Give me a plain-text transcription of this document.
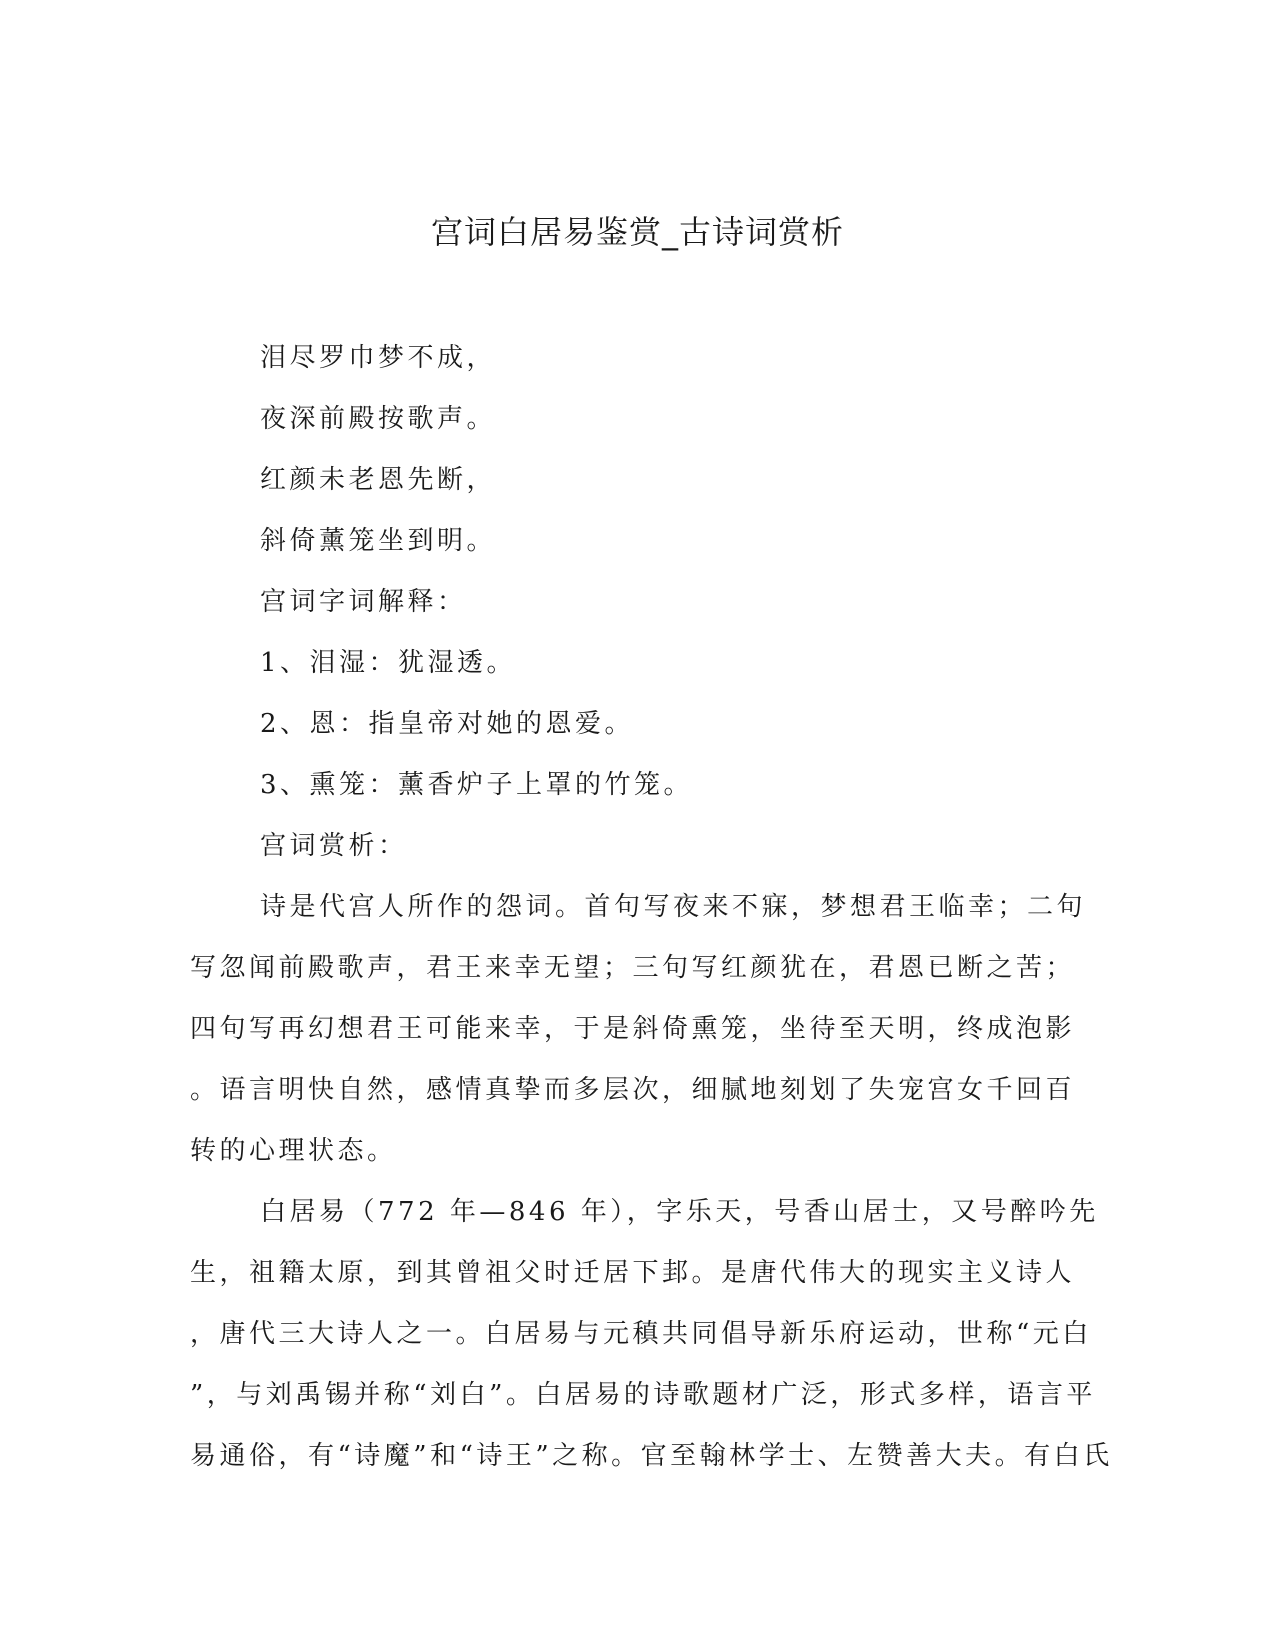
宫词白居易鉴赏_古诗词赏析
泪尽罗巾梦不成，
夜深前殿按歌声。
红颜未老恩先断，
斜倚薰笼坐到明。
宫词字词解释：
1、泪湿：犹湿透。
2、恩：指皇帝对她的恩爱。
3、熏笼：薰香炉子上罩的竹笼。
宫词赏析：
诗是代宫人所作的怨词。首句写夜来不寐，梦想君王临幸；二句
写忽闻前殿歌声，君王来幸无望；三句写红颜犹在，君恩已断之苦；
四句写再幻想君王可能来幸，于是斜倚熏笼，坐待至天明，终成泡影
。语言明快自然，感情真挚而多层次，细腻地刻划了失宠宫女千回百
转的心理状态。
白居易（772 年—846 年），字乐天，号香山居士，又号醉吟先
生，祖籍太原，到其曾祖父时迁居下邽。是唐代伟大的现实主义诗人
，唐代三大诗人之一。白居易与元稹共同倡导新乐府运动，世称“元白
”，与刘禹锡并称“刘白”。白居易的诗歌题材广泛，形式多样，语言平
易通俗，有“诗魔”和“诗王”之称。官至翰林学士、左赞善大夫。有白氏
